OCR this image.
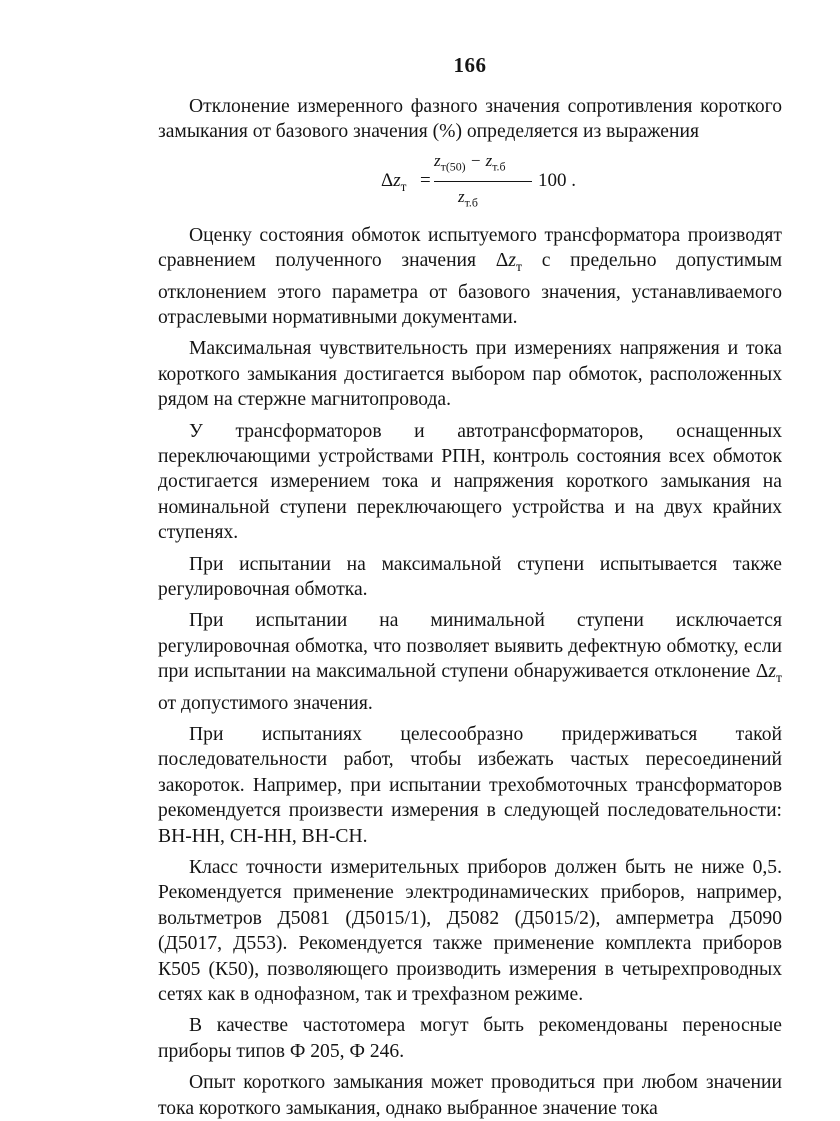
166

Отклонение измеренного фазного значения сопротивления короткого замыкания от базового значения (%) определяется из выражения

$\Delta z_т$ =
$z_{т(50)} - z_{т.б}$
$z_{т.б}$
100 .

Оценку состояния обмоток испытуемого трансформатора производят сравнением полученного значения $\Delta z_т$ с предельно допустимым отклонением этого параметра от базового значения, устанавливаемого отраслевыми нормативными документами.

Максимальная чувствительность при измерениях напряжения и тока короткого замыкания достигается выбором пар обмоток, расположенных рядом на стержне магнитопровода.

У трансформаторов и автотрансформаторов, оснащенных переключающими устройствами РПН, контроль состояния всех обмоток достигается измерением тока и напряжения короткого замыкания на номинальной ступени переключающего устройства и на двух крайних ступенях.

При испытании на максимальной ступени испытывается также регулировочная обмотка.

При испытании на минимальной ступени исключается регулировочная обмотка, что позволяет выявить дефектную обмотку, если при испытании на максимальной ступени обнаруживается отклонение $\Delta z_т$ от допустимого значения.

При испытаниях целесообразно придерживаться такой последовательности работ, чтобы избежать частых пересоединений закороток. Например, при испытании трехобмоточных трансформаторов рекомендуется произвести измерения в следующей последовательности: ВН-НН, СН-НН, ВН-СН.

Класс точности измерительных приборов должен быть не ниже 0,5. Рекомендуется применение электродинамических приборов, например, вольтметров Д5081 (Д5015/1), Д5082 (Д5015/2), амперметра Д5090 (Д5017, Д553). Рекомендуется также применение комплекта приборов К505 (К50), позволяющего производить измерения в четырехпроводных сетях как в однофазном, так и трехфазном режиме.

В качестве частотомера могут быть рекомендованы переносные приборы типов Ф 205, Ф 246.

Опыт короткого замыкания может проводиться при любом значении тока короткого замыкания, однако выбранное значение тока
